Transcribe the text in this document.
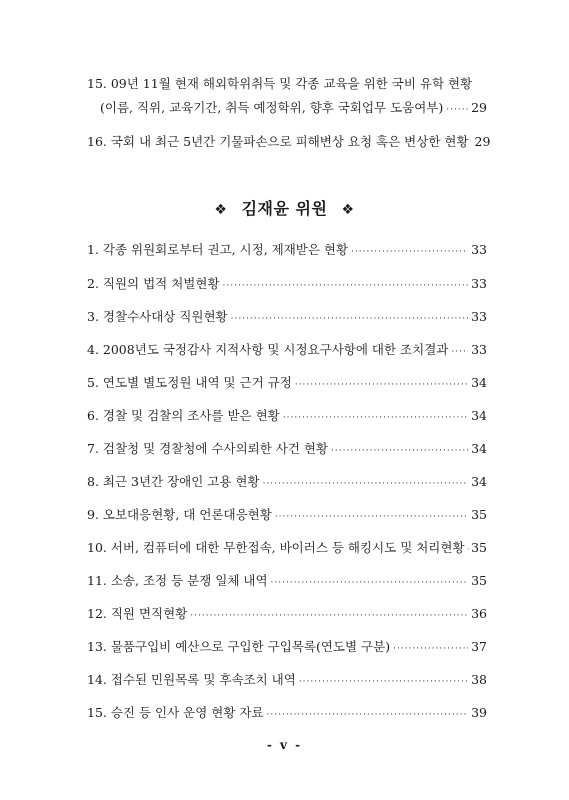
15. 09년 11월 현재 해외학위취득 및 각종 교육을 위한 국비 유학 현황
(이름, 직위, 교육기간, 취득 예정학위, 향후 국회업무 도움여부) ····· 29
16. 국회 내 최근 5년간 기물파손으로 피해변상 요청 혹은 변상한 현황 29
❖ 김재윤 위원 ❖
1. 각종 위원회로부터 권고, 시정, 제재받은 현황 ·····	33
2. 직원의 법적 처벌현황 ·····	33
3. 경찰수사대상 직원현황 ·····	33
4. 2008년도 국정감사 지적사항 및 시정요구사항에 대한 조치결과 ····· 33
5. 연도별 별도정원 내역 및 근거 규정 ·····	34
6. 경찰 및 검찰의 조사를 받은 현황 ·····	34
7. 검찰청 및 경찰청에 수사의뢰한 사건 현황 ·····	34
8. 최근 3년간 장애인 고용 현황 ·····	34
9. 오보대응현황, 대 언론대응현황 ·····	35
10. 서버, 컴퓨터에 대한 무한접속, 바이러스 등 해킹시도 및 처리현황 ····· 35
11. 소송, 조정 등 분쟁 일체 내역 ·····	35
12. 직원 면직현황 ·····	36
13. 물품구입비 예산으로 구입한 구입목록(연도별 구분) ·····	37
14. 접수된 민원목록 및 후속조치 내역 ·····	38
15. 승진 등 인사 운영 현황 자료 ·····	39
- v -
